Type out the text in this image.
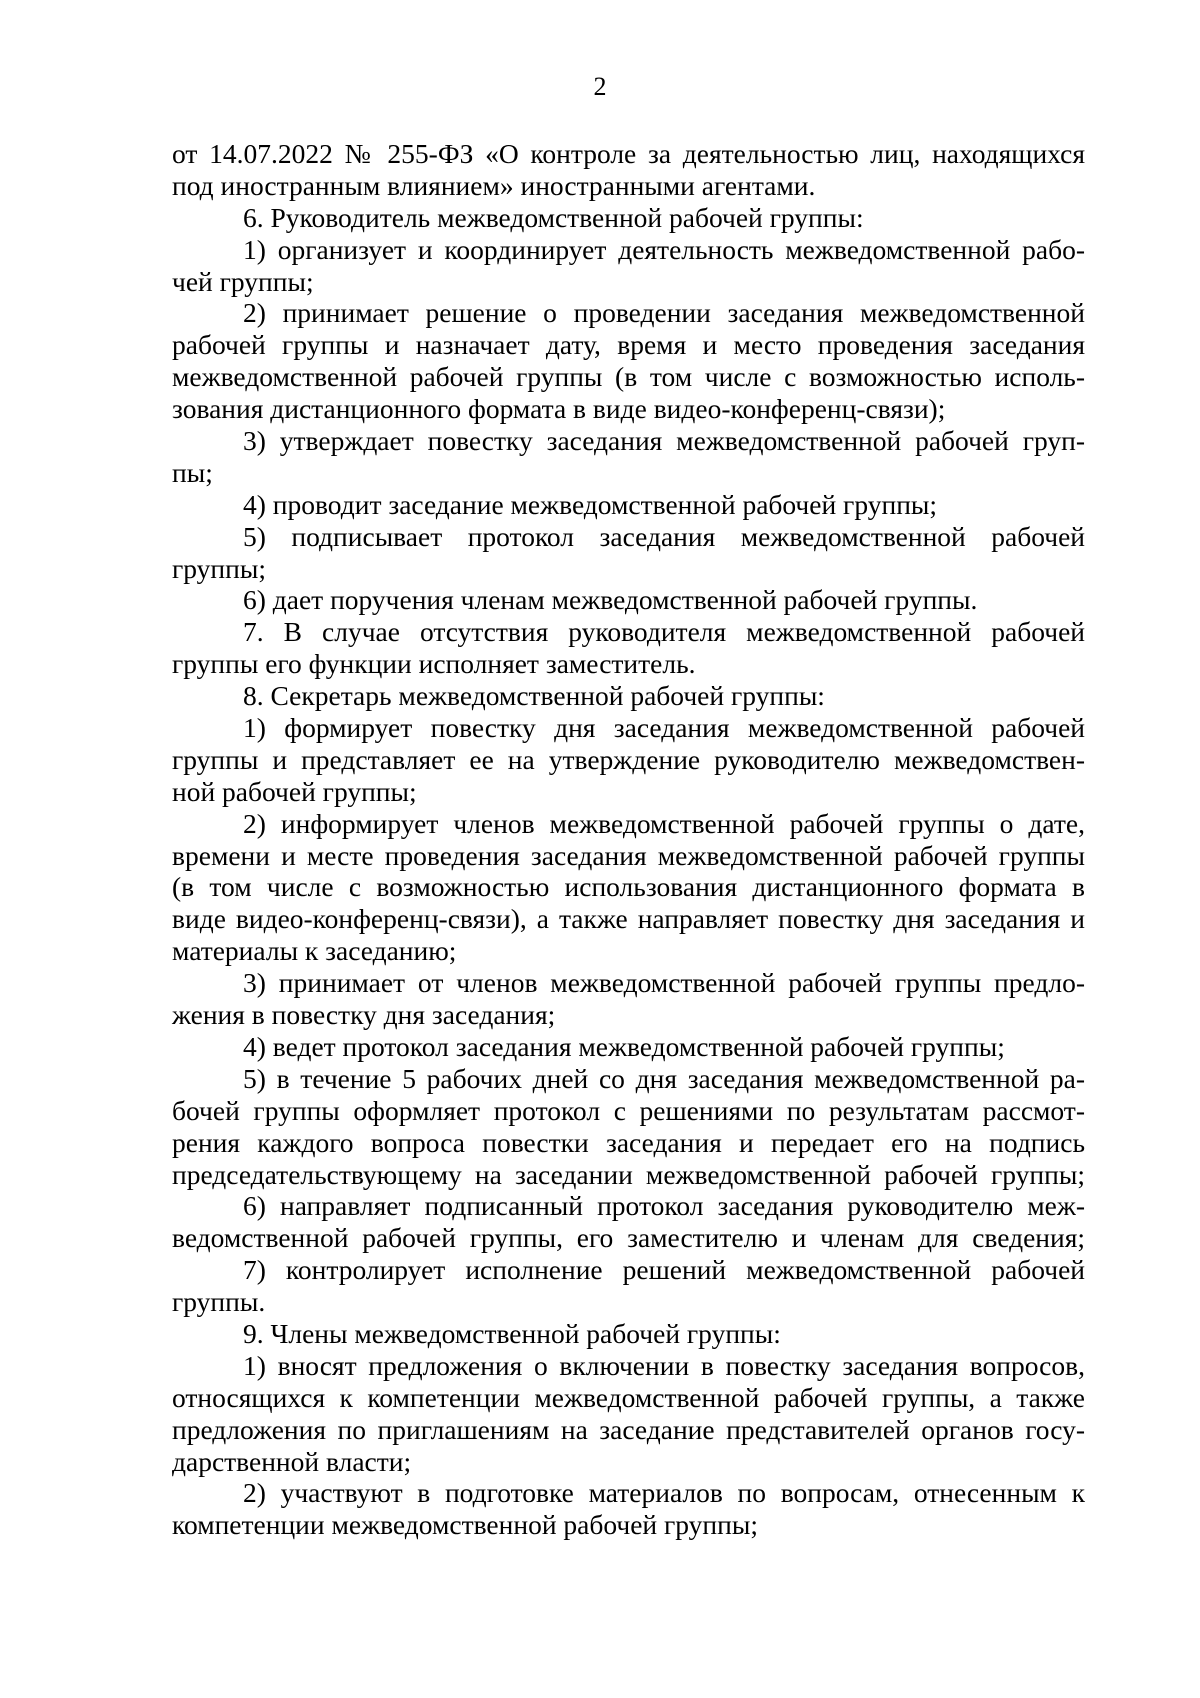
2
от 14.07.2022 № 255-ФЗ «О контроле за деятельностью лиц, находящихся
под иностранным влиянием» иностранными агентами.
6. Руководитель межведомственной рабочей группы:
1) организует и координирует деятельность межведомственной рабо-
чей группы;
2) принимает решение о проведении заседания межведомственной
рабочей группы и назначает дату, время и место проведения заседания
межведомственной рабочей группы (в том числе с возможностью исполь-
зования дистанционного формата в виде видео-конференц-связи);
3) утверждает повестку заседания межведомственной рабочей груп-
пы;
4) проводит заседание межведомственной рабочей группы;
5) подписывает протокол заседания межведомственной рабочей
группы;
6) дает поручения членам межведомственной рабочей группы.
7. В случае отсутствия руководителя межведомственной рабочей
группы его функции исполняет заместитель.
8. Секретарь межведомственной рабочей группы:
1) формирует повестку дня заседания межведомственной рабочей
группы и представляет ее на утверждение руководителю межведомствен-
ной рабочей группы;
2) информирует членов межведомственной рабочей группы о дате,
времени и месте проведения заседания межведомственной рабочей группы
(в том числе с возможностью использования дистанционного формата в
виде видео-конференц-связи), а также направляет повестку дня заседания и
материалы к заседанию;
3) принимает от членов межведомственной рабочей группы предло-
жения в повестку дня заседания;
4) ведет протокол заседания межведомственной рабочей группы;
5) в течение 5 рабочих дней со дня заседания межведомственной ра-
бочей группы оформляет протокол с решениями по результатам рассмот-
рения каждого вопроса повестки заседания и передает его на подпись
председательствующему на заседании межведомственной рабочей группы;
6) направляет подписанный протокол заседания руководителю меж-
ведомственной рабочей группы, его заместителю и членам для сведения;
7) контролирует исполнение решений межведомственной рабочей
группы.
9. Члены межведомственной рабочей группы:
1) вносят предложения о включении в повестку заседания вопросов,
относящихся к компетенции межведомственной рабочей группы, а также
предложения по приглашениям на заседание представителей органов госу-
дарственной власти;
2) участвуют в подготовке материалов по вопросам, отнесенным к
компетенции межведомственной рабочей группы;
